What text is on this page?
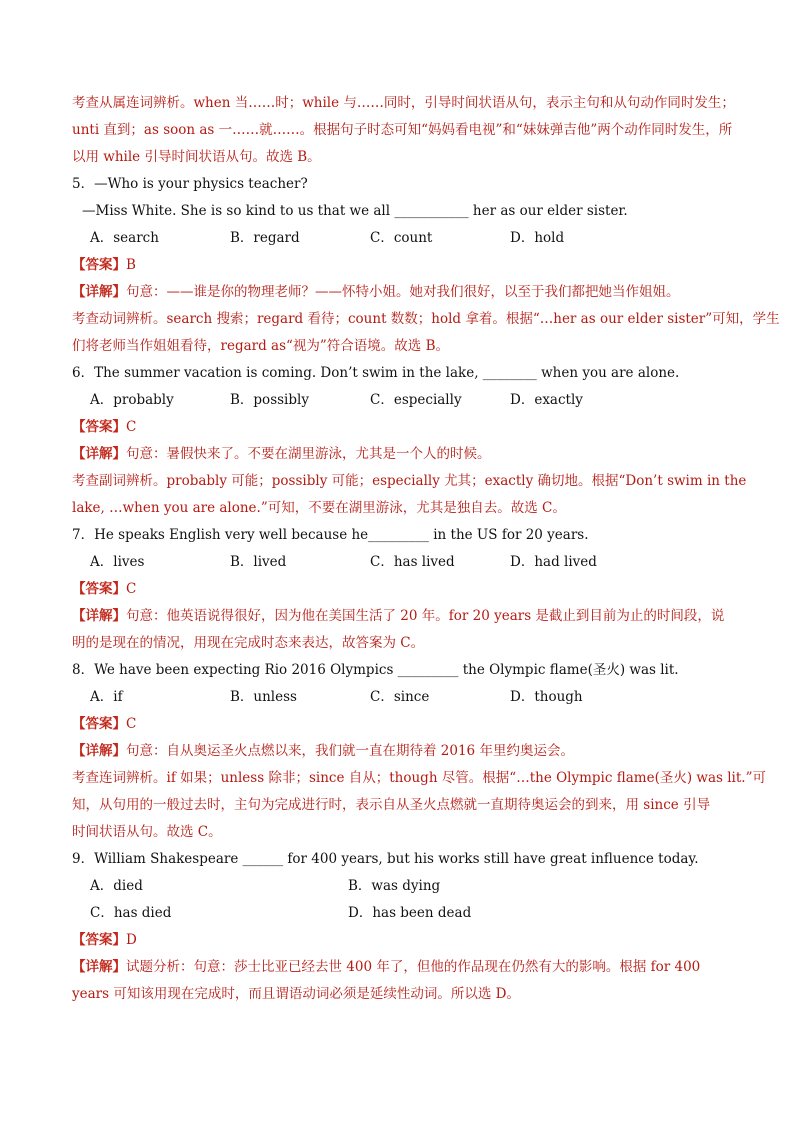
考查从属连词辨析。when 当……时；while 与……同时，引导时间状语从句，表示主句和从句动作同时发生；
unti 直到；as soon as 一……就……。根据句子时态可知“妈妈看电视”和“妹妹弹吉他”两个动作同时发生，所
以用 while 引导时间状语从句。故选 B。
5．—Who is your physics teacher?
—Miss White. She is so kind to us that we all ___________ her as our elder sister.
A．search	B．regard	C．count	D．hold
【答案】B
【详解】句意：——谁是你的物理老师？——怀特小姐。她对我们很好，以至于我们都把她当作姐姐。
考查动词辨析。search 搜索；regard 看待；count 数数；hold 拿着。根据“…her as our elder sister”可知，学生
们将老师当作姐姐看待，regard as“视为”符合语境。故选 B。
6．The summer vacation is coming. Don’t swim in the lake, ________ when you are alone.
A．probably	B．possibly	C．especially	D．exactly
【答案】C
【详解】句意：暑假快来了。不要在湖里游泳，尤其是一个人的时候。
考查副词辨析。probably 可能；possibly 可能；especially 尤其；exactly 确切地。根据“Don’t swim in the
lake, …when you are alone.”可知，不要在湖里游泳，尤其是独自去。故选 C。
7．He speaks English very well because he_________ in the US for 20 years.
A．lives	B．lived	C．has lived	D．had lived
【答案】C
【详解】句意：他英语说得很好，因为他在美国生活了 20 年。for 20 years 是截止到目前为止的时间段，说
明的是现在的情况，用现在完成时态来表达，故答案为 C。
8．We have been expecting Rio 2016 Olympics _________ the Olympic flame(圣火) was lit.
A．if	B．unless	C．since	D．though
【答案】C
【详解】句意：自从奥运圣火点燃以来，我们就一直在期待着 2016 年里约奥运会。
考查连词辨析。if 如果；unless 除非；since 自从；though 尽管。根据“…the Olympic flame(圣火) was lit.”可
知，从句用的一般过去时，主句为完成进行时，表示自从圣火点燃就一直期待奥运会的到来，用 since 引导
时间状语从句。故选 C。
9．William Shakespeare ______ for 400 years, but his works still have great influence today.
A．died	B．was dying
C．has died	D．has been dead
【答案】D
【详解】试题分析：句意：莎士比亚已经去世 400 年了，但他的作品现在仍然有大的影响。根据 for 400
years 可知该用现在完成时，而且谓语动词必须是延续性动词。所以选 D。
